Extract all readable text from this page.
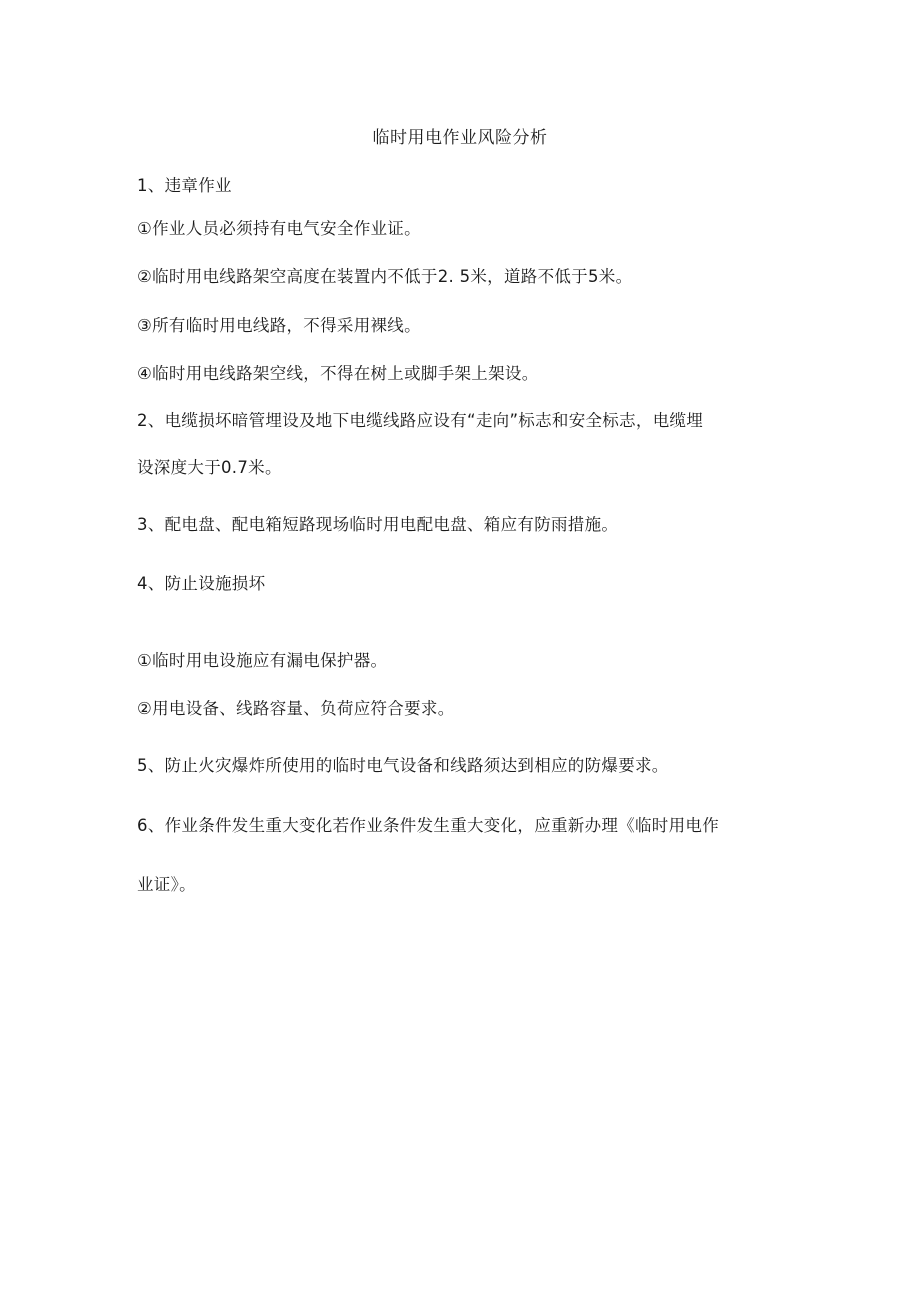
临时用电作业风险分析
1、违章作业
①作业人员必须持有电气安全作业证。
②临时用电线路架空高度在装置内不低于2. 5米，道路不低于5米。
③所有临时用电线路，不得采用裸线。
④临时用电线路架空线，不得在树上或脚手架上架设。
2、电缆损坏暗管埋设及地下电缆线路应设有“走向”标志和安全标志，电缆埋
设深度大于0.7米。
3、配电盘、配电箱短路现场临时用电配电盘、箱应有防雨措施。
4、防止设施损坏
①临时用电设施应有漏电保护器。
②用电设备、线路容量、负荷应符合要求。
5、防止火灾爆炸所使用的临时电气设备和线路须达到相应的防爆要求。
6、作业条件发生重大变化若作业条件发生重大变化，应重新办理《临时用电作
业证》。
